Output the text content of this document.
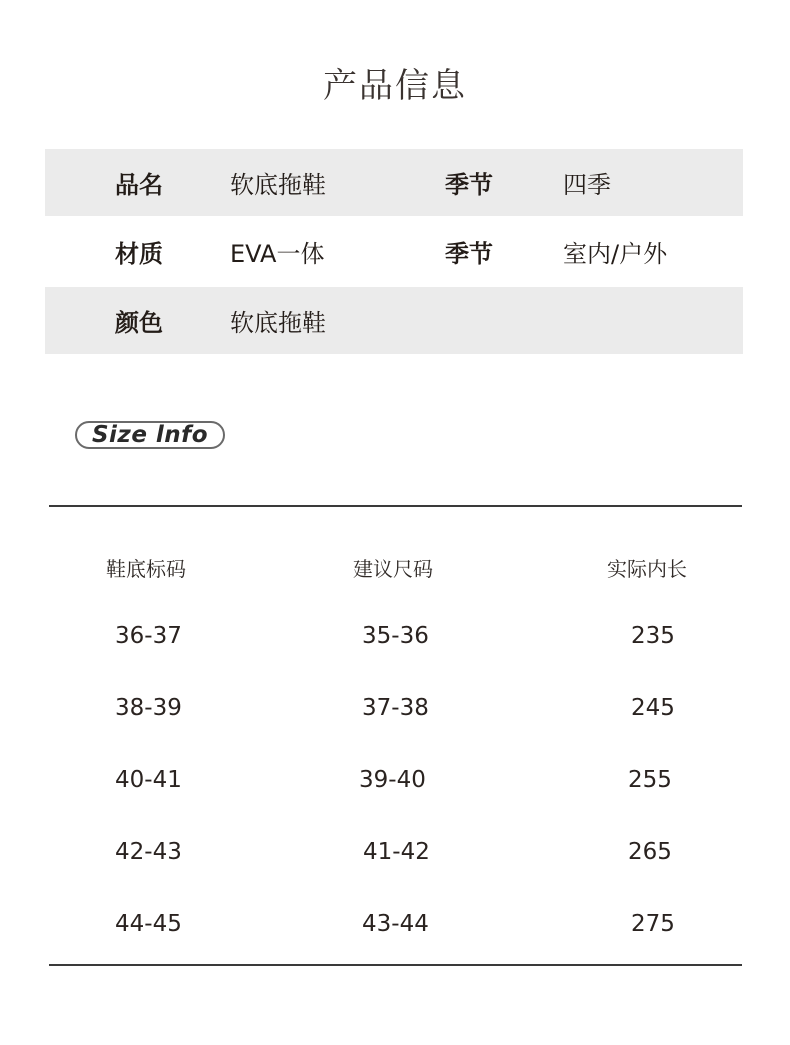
产品信息
品名	软底拖鞋	季节	四季
材质	EVA一体	季节	室内/户外
颜色	软底拖鞋
Size lnfo
鞋底标码	建议尺码	实际内长
36-37	35-36	235
38-39	37-38	245
40-41	39-40	255
42-43	41-42	265
44-45	43-44	275
